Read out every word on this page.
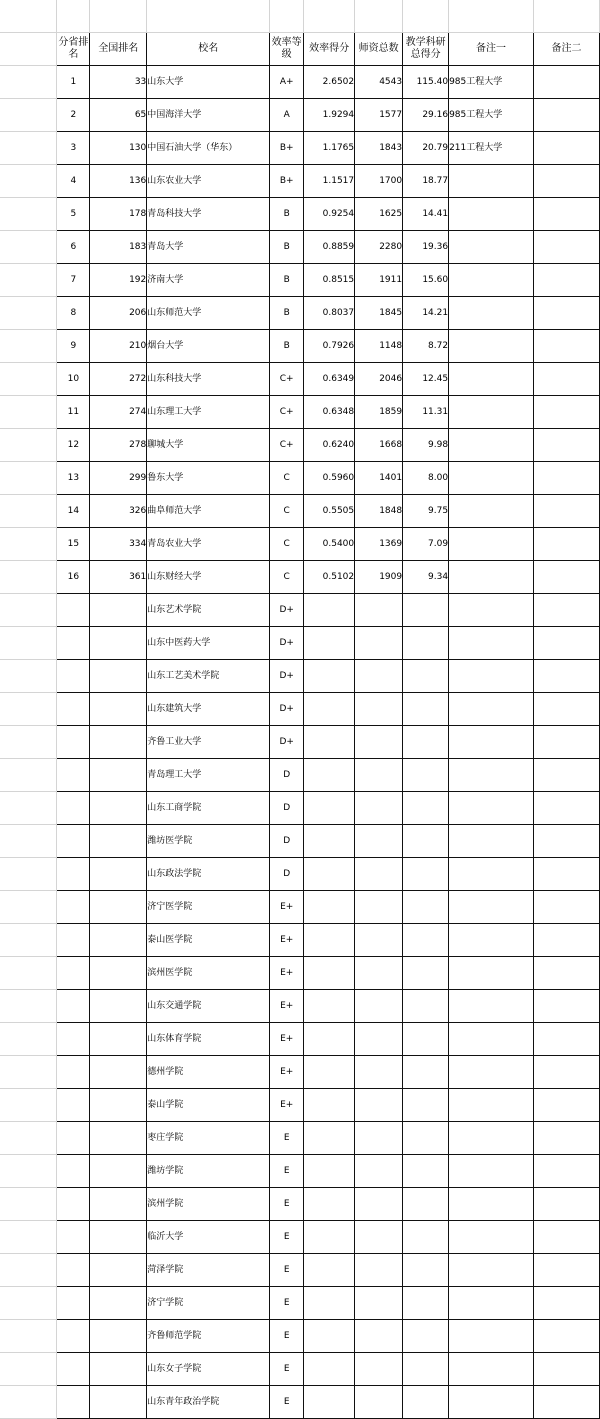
	分省排名	全国排名	校名	效率等级	效率得分	师资总数	教学科研总得分	备注一	备注二
	1	33	山东大学	A+	2.6502	4543	115.40	985工程大学	
	2	65	中国海洋大学	A	1.9294	1577	29.16	985工程大学	
	3	130	中国石油大学（华东）	B+	1.1765	1843	20.79	211工程大学	
	4	136	山东农业大学	B+	1.1517	1700	18.77		
	5	178	青岛科技大学	B	0.9254	1625	14.41		
	6	183	青岛大学	B	0.8859	2280	19.36		
	7	192	济南大学	B	0.8515	1911	15.60		
	8	206	山东师范大学	B	0.8037	1845	14.21		
	9	210	烟台大学	B	0.7926	1148	8.72		
	10	272	山东科技大学	C+	0.6349	2046	12.45		
	11	274	山东理工大学	C+	0.6348	1859	11.31		
	12	278	聊城大学	C+	0.6240	1668	9.98		
	13	299	鲁东大学	C	0.5960	1401	8.00		
	14	326	曲阜师范大学	C	0.5505	1848	9.75		
	15	334	青岛农业大学	C	0.5400	1369	7.09		
	16	361	山东财经大学	C	0.5102	1909	9.34		
			山东艺术学院	D+					
			山东中医药大学	D+					
			山东工艺美术学院	D+					
			山东建筑大学	D+					
			齐鲁工业大学	D+					
			青岛理工大学	D					
			山东工商学院	D					
			潍坊医学院	D					
			山东政法学院	D					
			济宁医学院	E+					
			泰山医学院	E+					
			滨州医学院	E+					
			山东交通学院	E+					
			山东体育学院	E+					
			德州学院	E+					
			泰山学院	E+					
			枣庄学院	E					
			潍坊学院	E					
			滨州学院	E					
			临沂大学	E					
			菏泽学院	E					
			济宁学院	E					
			齐鲁师范学院	E					
			山东女子学院	E					
			山东青年政治学院	E					
